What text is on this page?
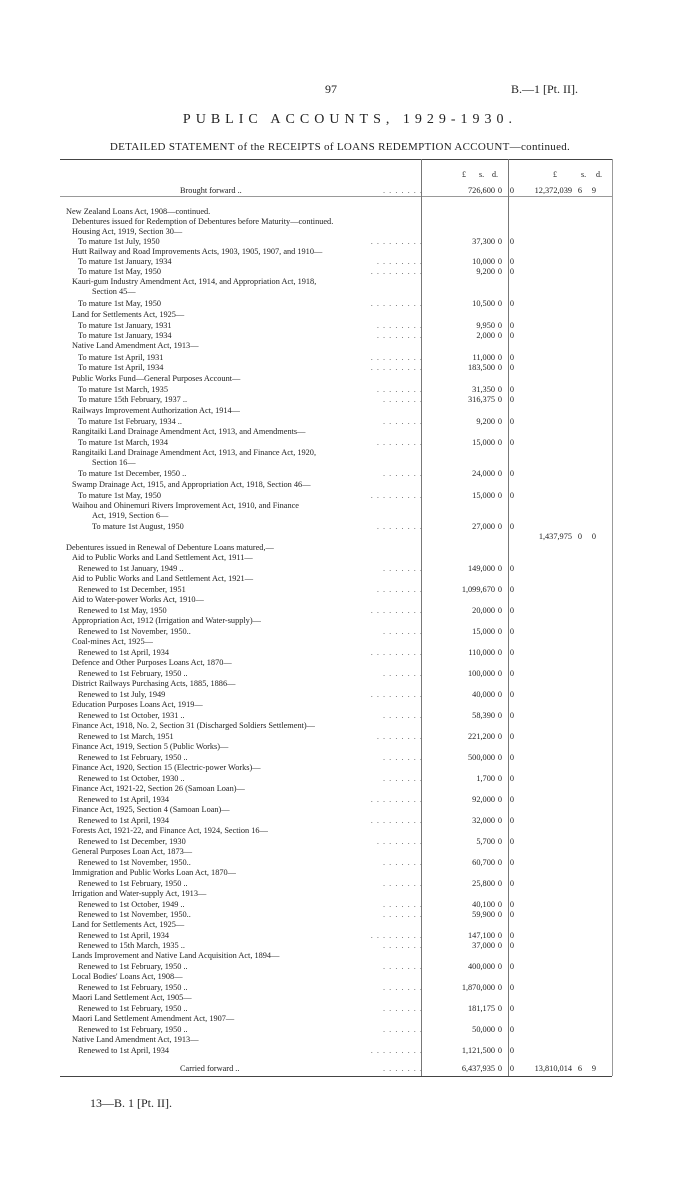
97	B.—1 [Pt. II].
PUBLIC ACCOUNTS, 1929-1930.
DETAILED STATEMENT of the RECEIPTS of LOANS REDEMPTION ACCOUNT—continued.
£ s. d.	£	s. d.
Brought forward ..	. . . . . . .	726,600 0 0	12,372,039 6 9
New Zealand Loans Act, 1908—continued.
Debentures issued for Redemption of Debentures before Maturity—continued.
Housing Act, 1919, Section 30—
To mature 1st July, 1950	. . . . . . . . .	37,300 0 0
Hutt Railway and Road Improvements Acts, 1903, 1905, 1907, and 1910—
To mature 1st January, 1934	. . . . . . . .	10,000 0 0
To mature 1st May, 1950	. . . . . . . . .	9,200 0 0
Kauri-gum Industry Amendment Act, 1914, and Appropriation Act, 1918,
Section 45—
To mature 1st May, 1950	. . . . . . . . .	10,500 0 0
Land for Settlements Act, 1925—
To mature 1st January, 1931	. . . . . . . .	9,950 0 0
To mature 1st January, 1934	. . . . . . . .	2,000 0 0
Native Land Amendment Act, 1913—
To mature 1st April, 1931	. . . . . . . . .	11,000 0 0
To mature 1st April, 1934	. . . . . . . . .	183,500 0 0
Public Works Fund—General Purposes Account—
To mature 1st March, 1935	. . . . . . . .	31,350 0 0
To mature 15th February, 1937 ..	. . . . . . .	316,375 0 0
Railways Improvement Authorization Act, 1914—
To mature 1st February, 1934 ..	. . . . . . .	9,200 0 0
Rangitaiki Land Drainage Amendment Act, 1913, and Amendments—
To mature 1st March, 1934	. . . . . . . .	15,000 0 0
Rangitaiki Land Drainage Amendment Act, 1913, and Finance Act, 1920,
Section 16—
To mature 1st December, 1950 ..	. . . . . . .	24,000 0 0
Swamp Drainage Act, 1915, and Appropriation Act, 1918, Section 46—
To mature 1st May, 1950	. . . . . . . . .	15,000 0 0
Waihou and Ohinemuri Rivers Improvement Act, 1910, and Finance
Act, 1919, Section 6—
To mature 1st August, 1950	. . . . . . . .	27,000 0 0
1,437,975 0 0
Debentures issued in Renewal of Debenture Loans matured,—
Aid to Public Works and Land Settlement Act, 1911—
Renewed to 1st January, 1949 ..	. . . . . . .	149,000 0 0
Aid to Public Works and Land Settlement Act, 1921—
Renewed to 1st December, 1951	. . . . . . . .	1,099,670 0 0
Aid to Water-power Works Act, 1910—
Renewed to 1st May, 1950	. . . . . . . . .	20,000 0 0
Appropriation Act, 1912 (Irrigation and Water-supply)—
Renewed to 1st November, 1950..	. . . . . . .	15,000 0 0
Coal-mines Act, 1925—
Renewed to 1st April, 1934	. . . . . . . . .	110,000 0 0
Defence and Other Purposes Loans Act, 1870—
Renewed to 1st February, 1950 ..	. . . . . . .	100,000 0 0
District Railways Purchasing Acts, 1885, 1886—
Renewed to 1st July, 1949	. . . . . . . . .	40,000 0 0
Education Purposes Loans Act, 1919—
Renewed to 1st October, 1931 ..	. . . . . . .	58,390 0 0
Finance Act, 1918, No. 2, Section 31 (Discharged Soldiers Settlement)—
Renewed to 1st March, 1951	. . . . . . . .	221,200 0 0
Finance Act, 1919, Section 5 (Public Works)—
Renewed to 1st February, 1950 ..	. . . . . . .	500,000 0 0
Finance Act, 1920, Section 15 (Electric-power Works)—
Renewed to 1st October, 1930 ..	. . . . . . .	1,700 0 0
Finance Act, 1921-22, Section 26 (Samoan Loan)—
Renewed to 1st April, 1934	. . . . . . . . .	92,000 0 0
Finance Act, 1925, Section 4 (Samoan Loan)—
Renewed to 1st April, 1934	. . . . . . . . .	32,000 0 0
Forests Act, 1921-22, and Finance Act, 1924, Section 16—
Renewed to 1st December, 1930	. . . . . . . .	5,700 0 0
General Purposes Loan Act, 1873—
Renewed to 1st November, 1950..	. . . . . . .	60,700 0 0
Immigration and Public Works Loan Act, 1870—
Renewed to 1st February, 1950 ..	. . . . . . .	25,800 0 0
Irrigation and Water-supply Act, 1913—
Renewed to 1st October, 1949 ..	. . . . . . .	40,100 0 0
Renewed to 1st November, 1950..	. . . . . . .	59,900 0 0
Land for Settlements Act, 1925—
Renewed to 1st April, 1934	. . . . . . . . .	147,100 0 0
Renewed to 15th March, 1935 ..	. . . . . . .	37,000 0 0
Lands Improvement and Native Land Acquisition Act, 1894—
Renewed to 1st February, 1950 ..	. . . . . . .	400,000 0 0
Local Bodies' Loans Act, 1908—
Renewed to 1st February, 1950 ..	. . . . . . .	1,870,000 0 0
Maori Land Settlement Act, 1905—
Renewed to 1st February, 1950 ..	. . . . . . .	181,175 0 0
Maori Land Settlement Amendment Act, 1907—
Renewed to 1st February, 1950 ..	. . . . . . .	50,000 0 0
Native Land Amendment Act, 1913—
Renewed to 1st April, 1934	. . . . . . . . .	1,121,500 0 0
Carried forward ..	. . . . . . .	6,437,935 0 0	13,810,014 6 9
13—B. 1 [Pt. II].
